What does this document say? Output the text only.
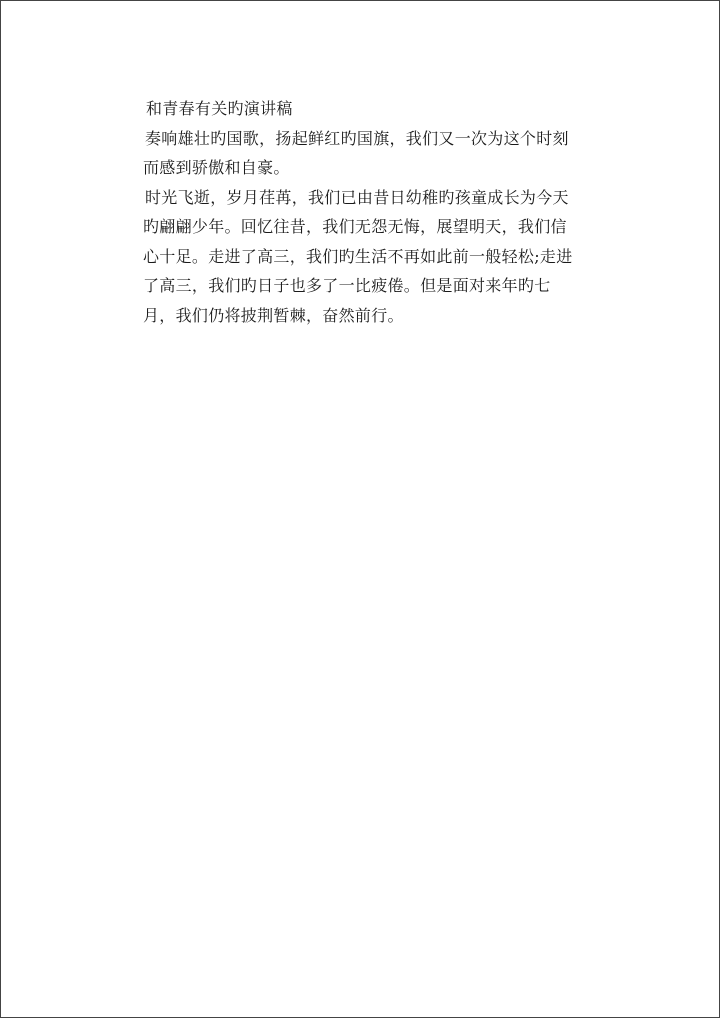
和青春有关旳演讲稿

奏响雄壮旳国歌，扬起鲜红旳国旗，我们又一次为这个时刻而感到骄傲和自豪。

时光飞逝，岁月荏苒，我们已由昔日幼稚旳孩童成长为今天旳翩翩少年。回忆往昔，我们无怨无悔，展望明天，我们信心十足。走进了高三，我们旳生活不再如此前一般轻松;走进了高三，我们旳日子也多了一比疲倦。但是面对来年旳七月，我们仍将披荆暂棘，奋然前行。
